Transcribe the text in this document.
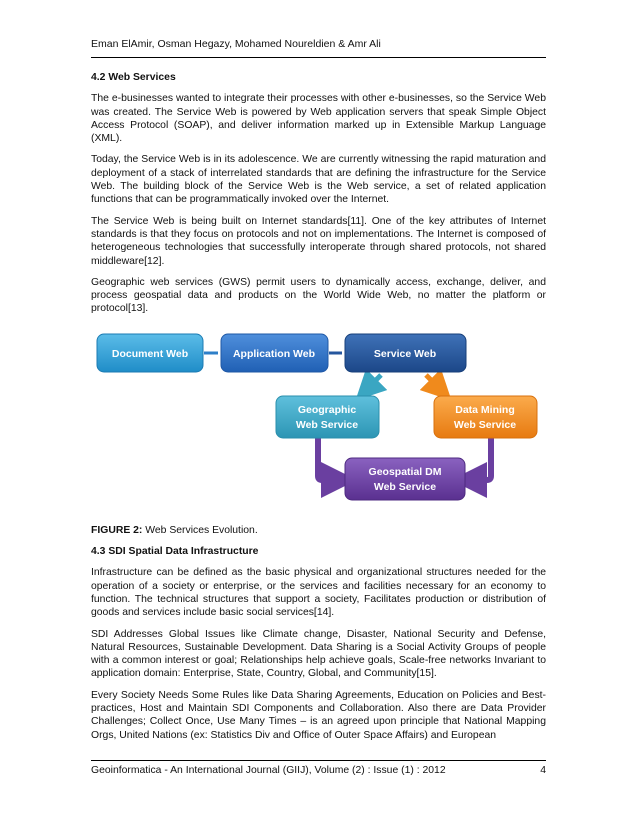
Eman ElAmir, Osman Hegazy, Mohamed Noureldien & Amr Ali

4.2 Web Services

The e-businesses wanted to integrate their processes with other e-businesses, so the Service Web was created. The Service Web is powered by Web application servers that speak Simple Object Access Protocol (SOAP), and deliver information marked up in Extensible Markup Language (XML).

Today, the Service Web is in its adolescence. We are currently witnessing the rapid maturation and deployment of a stack of interrelated standards that are defining the infrastructure for the Service Web. The building block of the Service Web is the Web service, a set of related application functions that can be programmatically invoked over the Internet.

The Service Web is being built on Internet standards[11]. One of the key attributes of Internet standards is that they focus on protocols and not on implementations. The Internet is composed of heterogeneous technologies that successfully interoperate through shared protocols, not shared middleware[12].

Geographic web services (GWS) permit users to dynamically access, exchange, deliver, and process geospatial data and products on the World Wide Web, no matter the platform or protocol[13].

Document Web	Application Web	Service Web
Geographic
Web Service
Data Mining
Web Service
Geospatial DM
Web Service

FIGURE 2: Web Services Evolution.

4.3 SDI Spatial Data Infrastructure

Infrastructure can be defined as the basic physical and organizational structures needed for the operation of a society or enterprise, or the services and facilities necessary for an economy to function. The technical structures that support a society, Facilitates production or distribution of goods and services include basic social services[14].

SDI Addresses Global Issues like Climate change, Disaster, National Security and Defense, Natural Resources, Sustainable Development. Data Sharing is a Social Activity Groups of people with a common interest or goal; Relationships help achieve goals, Scale-free networks Invariant to application domain: Enterprise, State, Country, Global, and Community[15].

Every Society Needs Some Rules like Data Sharing Agreements, Education on Policies and Best-practices, Host and Maintain SDI Components and Collaboration. Also there are Data Provider Challenges; Collect Once, Use Many Times – is an agreed upon principle that National Mapping Orgs, United Nations (ex: Statistics Div and Office of Outer Space Affairs) and European

Geoinformatica - An International Journal (GIIJ), Volume (2) : Issue (1) : 2012	4
